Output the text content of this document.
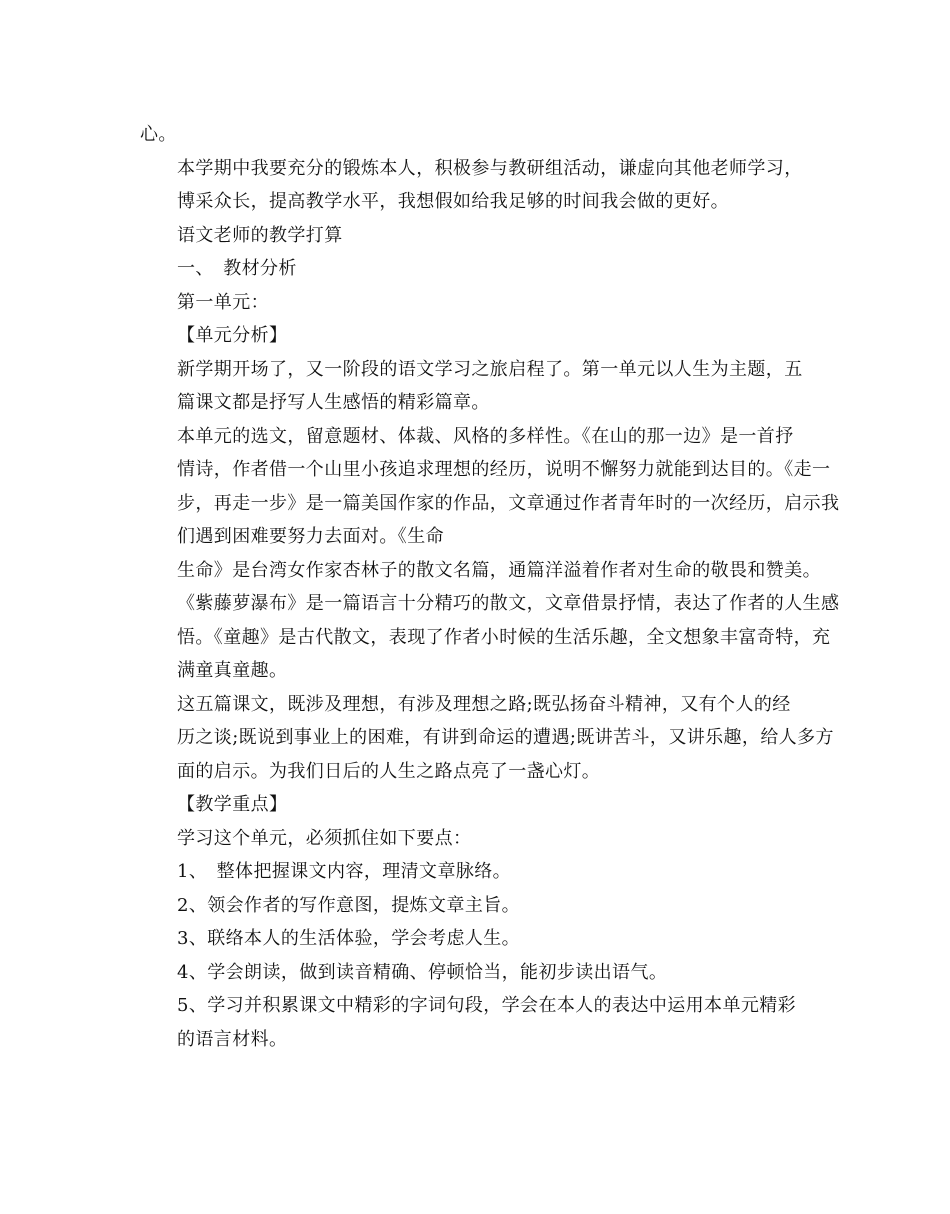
心。

本学期中我要充分的锻炼本人，积极参与教研组活动，谦虚向其他老师学习，
博采众长，提高教学水平，我想假如给我足够的时间我会做的更好。

语文老师的教学打算

一、　教材分析

第一单元：

【单元分析】

新学期开场了，又一阶段的语文学习之旅启程了。第一单元以人生为主题，五
篇课文都是抒写人生感悟的精彩篇章。

本单元的选文，留意题材、体裁、风格的多样性。《在山的那一边》是一首抒
情诗，作者借一个山里小孩追求理想的经历，说明不懈努力就能到达目的。《走一
步，再走一步》是一篇美国作家的作品，文章通过作者青年时的一次经历，启示我
们遇到困难要努力去面对。《生命

生命》是台湾女作家杏林子的散文名篇，通篇洋溢着作者对生命的敬畏和赞美。
《紫藤萝瀑布》是一篇语言十分精巧的散文，文章借景抒情，表达了作者的人生感
悟。《童趣》是古代散文，表现了作者小时候的生活乐趣，全文想象丰富奇特，充
满童真童趣。

这五篇课文，既涉及理想，有涉及理想之路;既弘扬奋斗精神，又有个人的经
历之谈;既说到事业上的困难，有讲到命运的遭遇;既讲苦斗，又讲乐趣，给人多方
面的启示。为我们日后的人生之路点亮了一盏心灯。

【教学重点】

学习这个单元，必须抓住如下要点：

1、　整体把握课文内容，理清文章脉络。

2、领会作者的写作意图，提炼文章主旨。

3、联络本人的生活体验，学会考虑人生。

4、学会朗读，做到读音精确、停顿恰当，能初步读出语气。

5、学习并积累课文中精彩的字词句段，学会在本人的表达中运用本单元精彩
的语言材料。
